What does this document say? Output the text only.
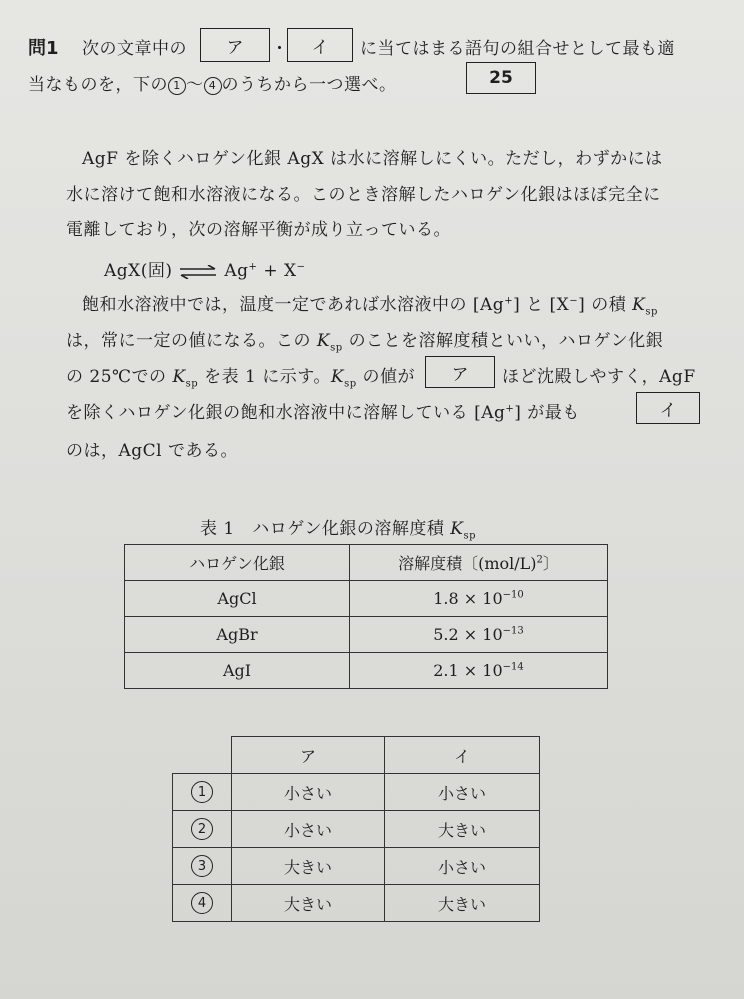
問1 次の文章中の ア ・ イ に当てはまる語句の組合せとして最も適
当なものを，下の 1 〜 4 のうちから一つ選べ。	25
AgF を除くハロゲン化銀 AgX は水に溶解しにくい。ただし，わずかには
水に溶けて飽和水溶液になる。このとき溶解したハロゲン化銀はほぼ完全に
電離しており，次の溶解平衡が成り立っている。
AgX(固) ⇌ Ag+ + X−
飽和水溶液中では，温度一定であれば水溶液中の [Ag+] と [X−] の積 $K_{sp}$
は，常に一定の値になる。この $K_{sp}$ のことを溶解度積といい，ハロゲン化銀
の 25℃での $K_{sp}$ を表 1 に示す。$K_{sp}$ の値が ア ほど沈殿しやすく，AgF
を除くハロゲン化銀の飽和水溶液中に溶解している [Ag+] が最も	イ
のは，AgCl である。
表 1　ハロゲン化銀の溶解度積 $K_{sp}$
ハロゲン化銀	溶解度積〔$(mol/L)^2$〕
AgCl	$1.8 \times 10^{-10}$
AgBr	$5.2 \times 10^{-13}$
AgI	$2.1 \times 10^{-14}$
	ア	イ
1	小さい	小さい
2	小さい	大きい
3	大きい	小さい
4	大きい	大きい
